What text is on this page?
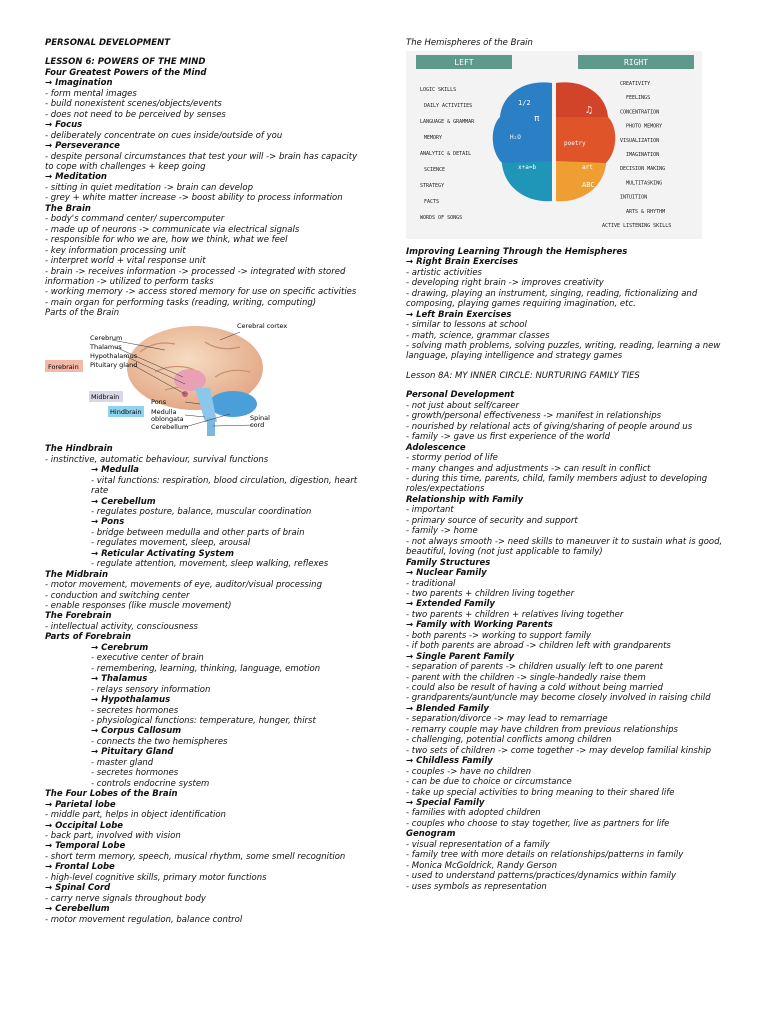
PERSONAL DEVELOPMENT
LESSON 6: POWERS OF THE MIND
Four Greatest Powers of the Mind
→ Imagination
- form mental images
- build nonexistent scenes/objects/events
- does not need to be perceived by senses
→ Focus
- deliberately concentrate on cues inside/outside of you
→ Perseverance
- despite personal circumstances that test your will -> brain has capacity to cope with challenges + keep going
→ Meditation
- sitting in quiet meditation -> brain can develop
- grey + white matter increase -> boost ability to process information
The Brain
- body's command center/ supercomputer
- made up of neurons -> communicate via electrical signals
- responsible for who we are, how we think, what we feel
- key information processing unit
- interpret world + vital response unit
- brain -> receives information -> processed -> integrated with stored information -> utilized to perform tasks
- working memory -> access stored memory for use on specific activities
- main organ for performing tasks (reading, writing, computing)
Parts of the Brain
Forebrain
Midbrain
Hindbrain
Cerebrum
Thalamus
Hypothalamus
Pituitary gland
Pons
Medulla
oblongata
Cerebellum
Cerebral cortex
Spinal
cord
The Hindbrain
- instinctive, automatic behaviour, survival functions
→ Medulla
- vital functions: respiration, blood circulation, digestion, heart rate
→ Cerebellum
- regulates posture, balance, muscular coordination
→ Pons
- bridge between medulla and other parts of brain
- regulates movement, sleep, arousal
→ Reticular Activating System
- regulate attention, movement, sleep walking, reflexes
The Midbrain
- motor movement, movements of eye, auditor/visual processing
- conduction and switching center
- enable responses (like muscle movement)
The Forebrain
- intellectual activity, consciousness
Parts of Forebrain
→ Cerebrum
- executive center of brain
- remembering, learning, thinking, language, emotion
→ Thalamus
- relays sensory information
→ Hypothalamus
- secretes hormones
- physiological functions: temperature, hunger, thirst
→ Corpus Callosum
- connects the two hemispheres
→ Pituitary Gland
- master gland
- secretes hormones
- controls endocrine system
The Four Lobes of the Brain
→ Parietal lobe
- middle part, helps in object identification
→ Occipital Lobe
- back part, involved with vision
→ Temporal Lobe
- short term memory, speech, musical rhythm, some smell recognition
→ Frontal Lobe
- high-level cognitive skills, primary motor functions
→ Spinal Cord
- carry nerve signals throughout body
→ Cerebellum
- motor movement regulation, balance control
The Hemispheres of the Brain
LEFT	RIGHT
1/2
π
H₂O
x+a=b
poetry
art
ABC
♫
LOGIC SKILLS
DAILY ACTIVITIES
LANGUAGE & GRAMMAR
MEMORY
ANALYTIC & DETAIL
SCIENCE
STRATEGY
FACTS
WORDS OF SONGS
CREATIVITY
FEELINGS
CONCENTRATION
PHOTO MEMORY
VISUALIZATION
IMAGINATION
DECISION MAKING
MULTITASKING
INTUITION
ARTS & RHYTHM
ACTIVE LISTENING SKILLS
Improving Learning Through the Hemispheres
→ Right Brain Exercises
- artistic activities
- developing right brain -> improves creativity
- drawing, playing an instrument, singing, reading, fictionalizing and composing, playing games requiring imagination, etc.
→ Left Brain Exercises
- similar to lessons at school
- math, science, grammar classes
- solving math problems, solving puzzles, writing, reading, learning a new language, playing intelligence and strategy games
Lesson 8A: MY INNER CIRCLE: NURTURING FAMILY TIES
Personal Development
- not just about self/career
- growth/personal effectiveness -> manifest in relationships
- nourished by relational acts of giving/sharing of people around us
- family -> gave us first experience of the world
Adolescence
- stormy period of life
- many changes and adjustments -> can result in conflict
- during this time, parents, child, family members adjust to developing roles/expectations
Relationship with Family
- important
- primary source of security and support
- family -> home
- not always smooth -> need skills to maneuver it to sustain what is good, beautiful, loving (not just applicable to family)
Family Structures
→ Nuclear Family
- traditional
- two parents + children living together
→ Extended Family
- two parents + children + relatives living together
→ Family with Working Parents
- both parents -> working to support family
- if both parents are abroad -> children left with grandparents
→ Single Parent Family
- separation of parents -> children usually left to one parent
- parent with the children -> single-handedly raise them
- could also be result of having a cold without being married
- grandparents/aunt/uncle may become closely involved in raising child
→ Blended Family
- separation/divorce -> may lead to remarriage
- remarry couple may have children from previous relationships
- challenging, potential conflicts among children
- two sets of children -> come together -> may develop familial kinship
→ Childless Family
- couples -> have no children
- can be due to choice or circumstance
- take up special activities to bring meaning to their shared life
→ Special Family
- families with adopted children
- couples who choose to stay together, live as partners for life
Genogram
- visual representation of a family
- family tree with more details on relationships/patterns in family
- Monica McGoldrick, Randy Gerson
- used to understand patterns/practices/dynamics within family
- uses symbols as representation
